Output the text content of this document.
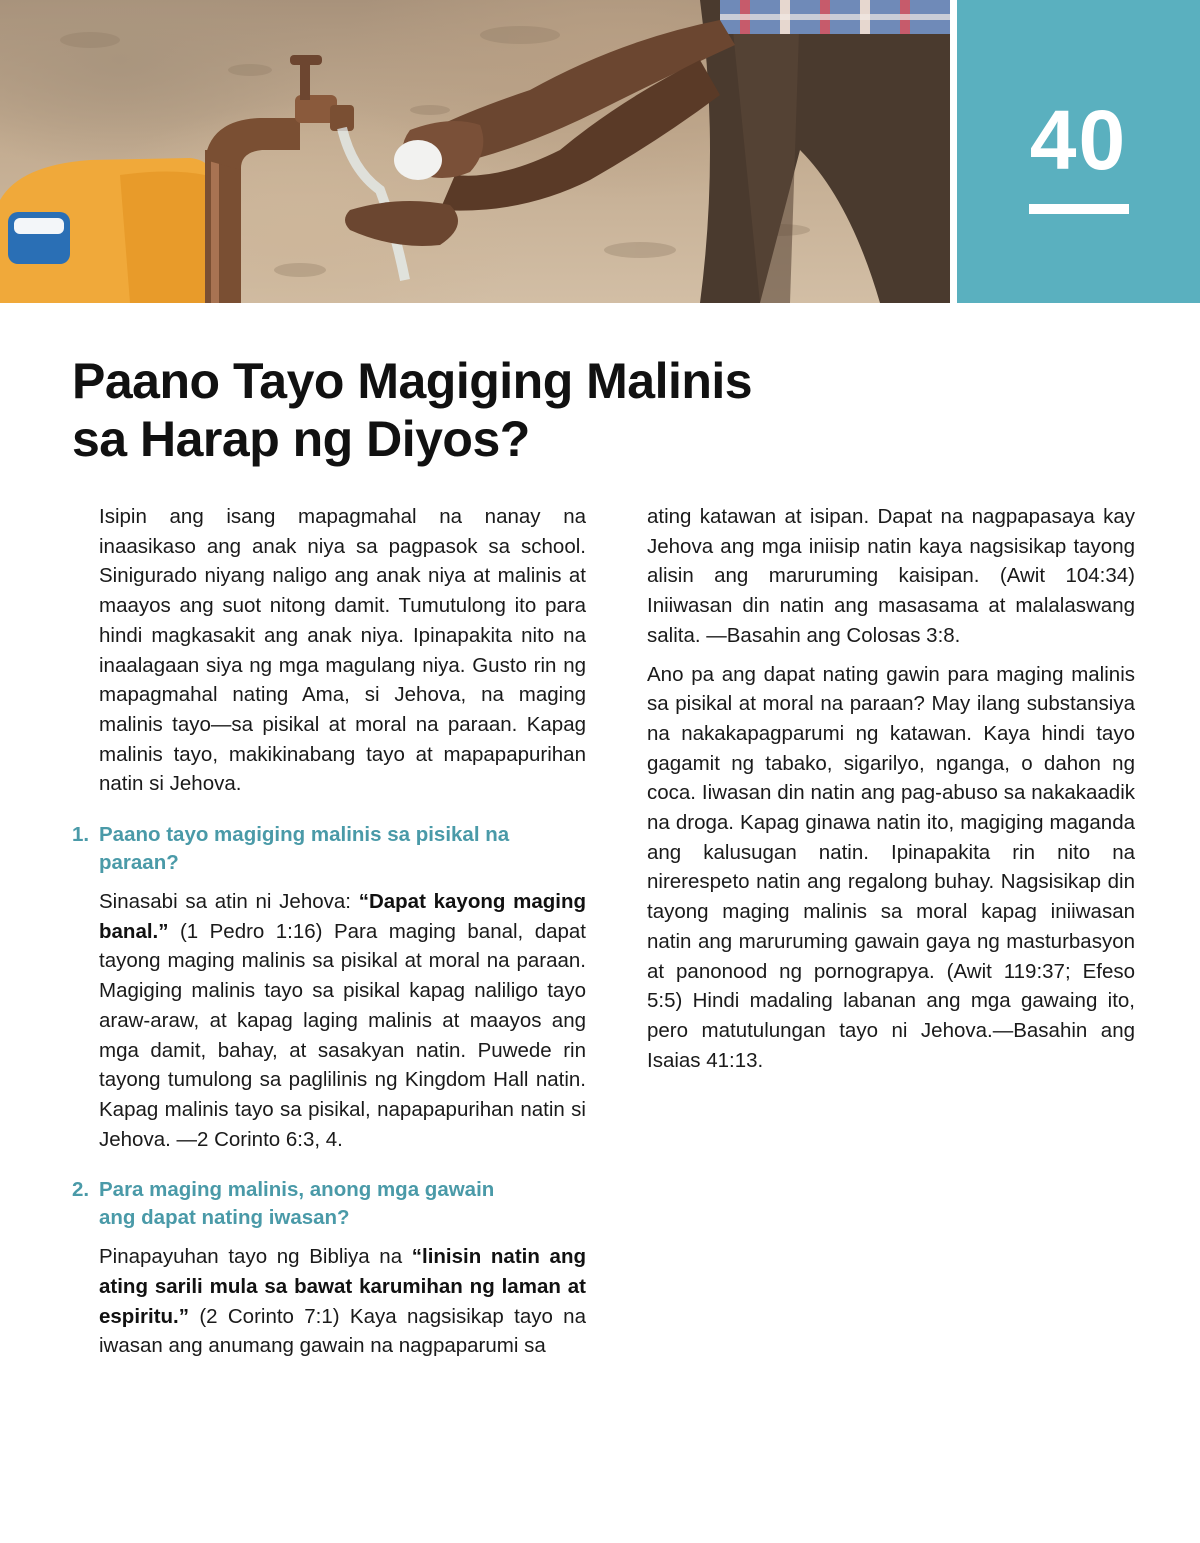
40
Paano Tayo Magiging Malinis
sa Harap ng Diyos?

Isipin ang isang mapagmahal na nanay na inaasikaso ang anak niya sa pagpasok sa school. Sinigurado niyang naligo ang anak niya at malinis at maayos ang suot nitong damit. Tumutulong ito para hindi magkasakit ang anak niya. Ipinapakita nito na inaalagaan siya ng mga magulang niya. Gusto rin ng mapagmahal nating Ama, si Jehova, na maging malinis tayo—sa pisikal at moral na paraan. Kapag malinis tayo, makikinabang tayo at mapapapurihan natin si Jehova.

1. Paano tayo magiging malinis sa pisikal na paraan?

Sinasabi sa atin ni Jehova: “Dapat kayong maging banal.” (1 Pedro 1:16) Para maging banal, dapat tayong maging malinis sa pisikal at moral na paraan. Magiging malinis tayo sa pisikal kapag naliligo tayo araw-araw, at kapag laging malinis at maayos ang mga damit, bahay, at sasakyan natin. Puwede rin tayong tumulong sa paglilinis ng Kingdom Hall natin. Kapag malinis tayo sa pisikal, napapapurihan natin si Jehova. —2 Corinto 6:3, 4.

2. Para maging malinis, anong mga gawain ang dapat nating iwasan?

Pinapayuhan tayo ng Bibliya na “linisin natin ang ating sarili mula sa bawat karumihan ng laman at espiritu.” (2 Corinto 7:1) Kaya nagsisikap tayo na iwasan ang anumang gawain na nagpaparumi sa

ating katawan at isipan. Dapat na nagpapasaya kay Jehova ang mga iniisip natin kaya nagsisikap tayong alisin ang maruruming kaisipan. (Awit 104:34) Iniiwasan din natin ang masasama at malalaswang salita. —Basahin ang Colosas 3:8.

Ano pa ang dapat nating gawin para maging malinis sa pisikal at moral na paraan? May ilang substansiya na nakakapagparumi ng katawan. Kaya hindi tayo gagamit ng tabako, sigarilyo, nganga, o dahon ng coca. Iiwasan din natin ang pag-abuso sa nakakaadik na droga. Kapag ginawa natin ito, magiging maganda ang kalusugan natin. Ipinapakita rin nito na nirerespeto natin ang regalong buhay. Nagsisikap din tayong maging malinis sa moral kapag iniiwasan natin ang maruruming gawain gaya ng masturbasyon at panonood ng pornograpya. (Awit 119:37; Efeso 5:5) Hindi madaling labanan ang mga gawaing ito, pero matutulungan tayo ni Jehova.—Basahin ang Isaias 41:13.
